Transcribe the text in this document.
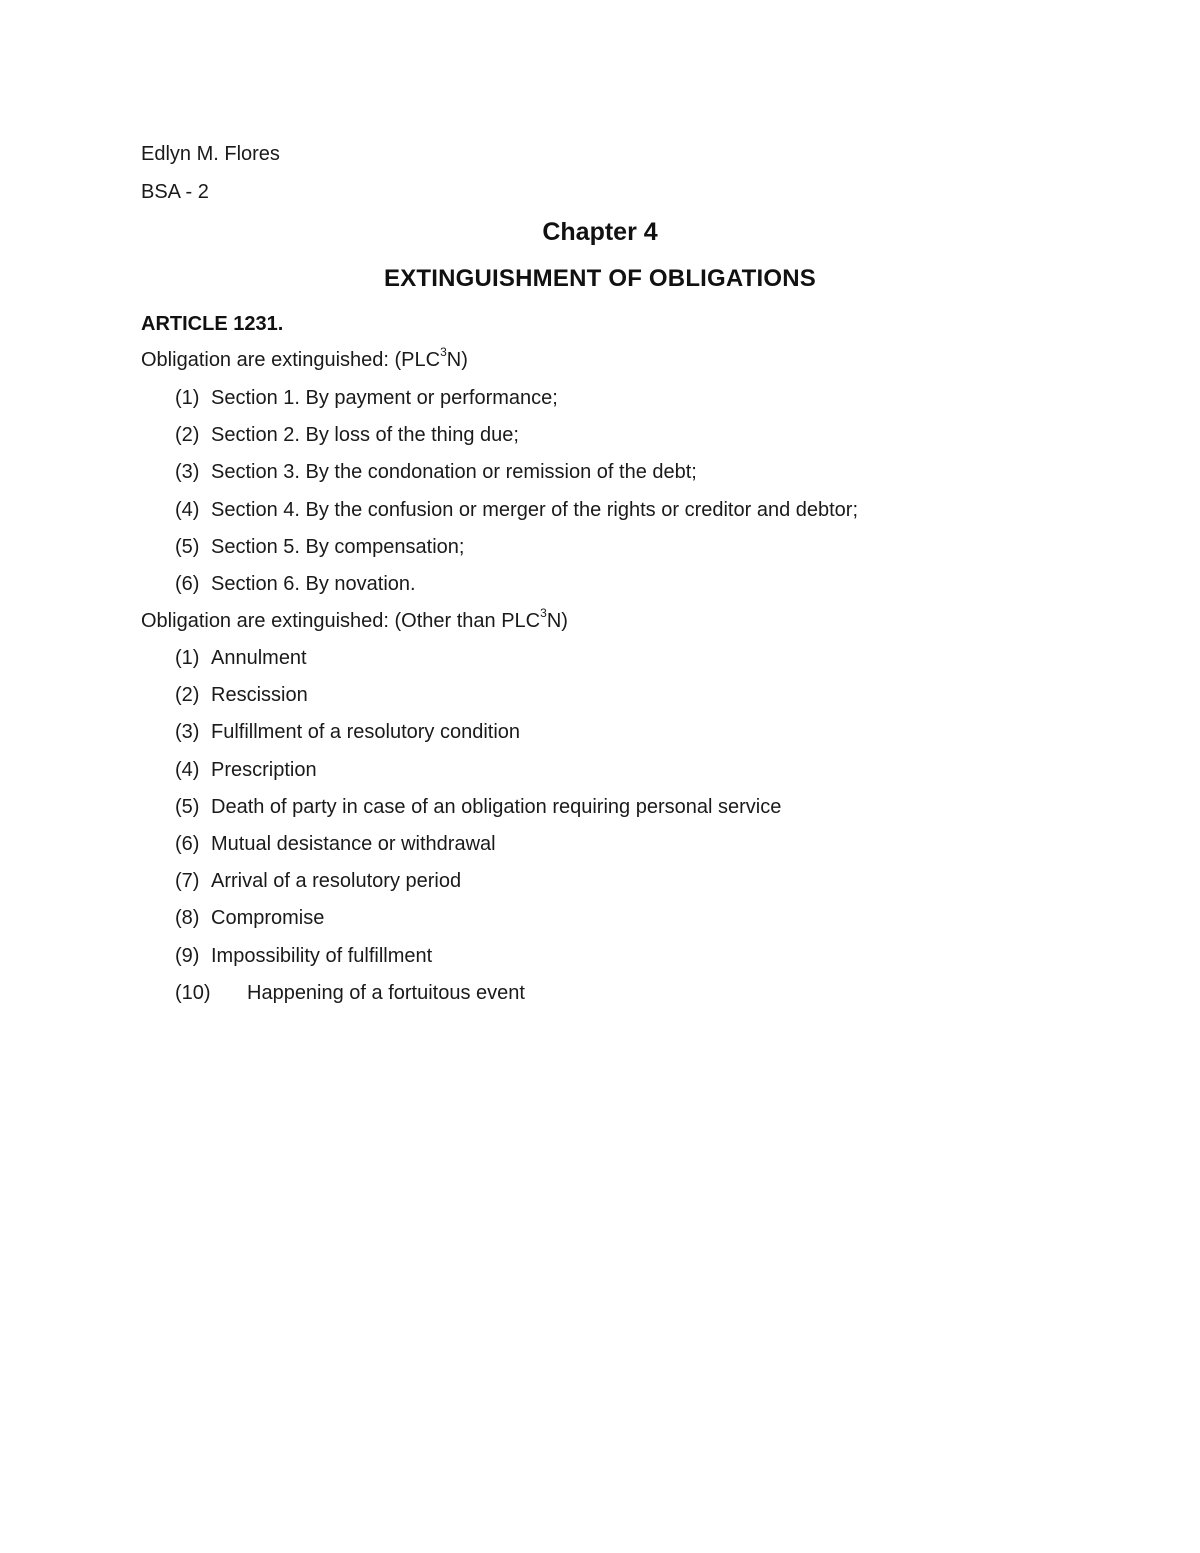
Edlyn M. Flores
BSA - 2
Chapter 4
EXTINGUISHMENT OF OBLIGATIONS
ARTICLE 1231.
Obligation are extinguished: (PLC$^3$N)
(1) Section 1. By payment or performance;
(2) Section 2. By loss of the thing due;
(3) Section 3. By the condonation or remission of the debt;
(4) Section 4. By the confusion or merger of the rights or creditor and debtor;
(5) Section 5. By compensation;
(6) Section 6. By novation.
Obligation are extinguished: (Other than PLC$^3$N)
(1) Annulment
(2) Rescission
(3) Fulfillment of a resolutory condition
(4) Prescription
(5) Death of party in case of an obligation requiring personal service
(6) Mutual desistance or withdrawal
(7) Arrival of a resolutory period
(8) Compromise
(9) Impossibility of fulfillment
(10)	Happening of a fortuitous event
